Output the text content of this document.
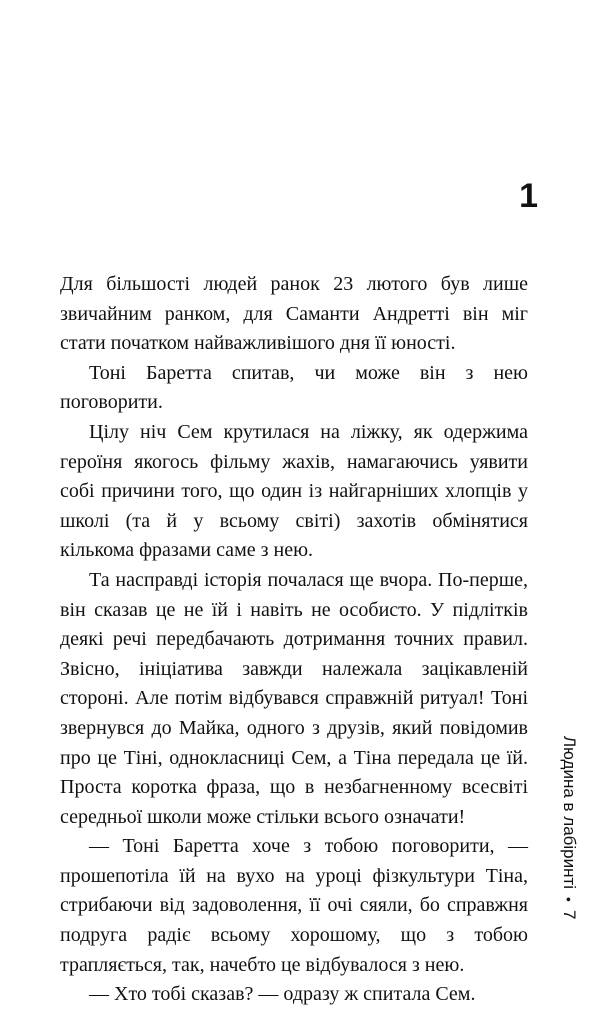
1

Для більшості людей ранок 23 лютого був лише звичайним ранком, для Саманти Андретті він міг стати початком найважливішого дня її юності.

Тоні Баретта спитав, чи може він з нею поговорити.

Цілу ніч Сем крутилася на ліжку, як одержима героїня якогось фільму жахів, намагаючись уявити собі причини того, що один із найгарніших хлопців у школі (та й у всьому світі) захотів обмінятися кількома фразами саме з нею.

Та насправді історія почалася ще вчора. По-перше, він сказав це не їй і навіть не особисто. У підлітків деякі речі передбачають дотримання точних правил. Звісно, ініціатива завжди належала зацікавленій стороні. Але потім відбувався справжній ритуал! Тоні звернувся до Майка, одного з друзів, який повідомив про це Тіні, однокласниці Сем, а Тіна передала це їй. Проста коротка фраза, що в незбагненному всесвіті середньої школи може стільки всього означати!

— Тоні Баретта хоче з тобою поговорити, — прошепотіла їй на вухо на уроці фізкультури Тіна, стрибаючи від задоволення, її очі сяяли, бо справжня подруга радіє всьому хорошому, що з тобою трапляється, так, начебто це відбувалося з нею.

— Хто тобі сказав? — одразу ж спитала Сем.

Людина в лабіринті
•
7
